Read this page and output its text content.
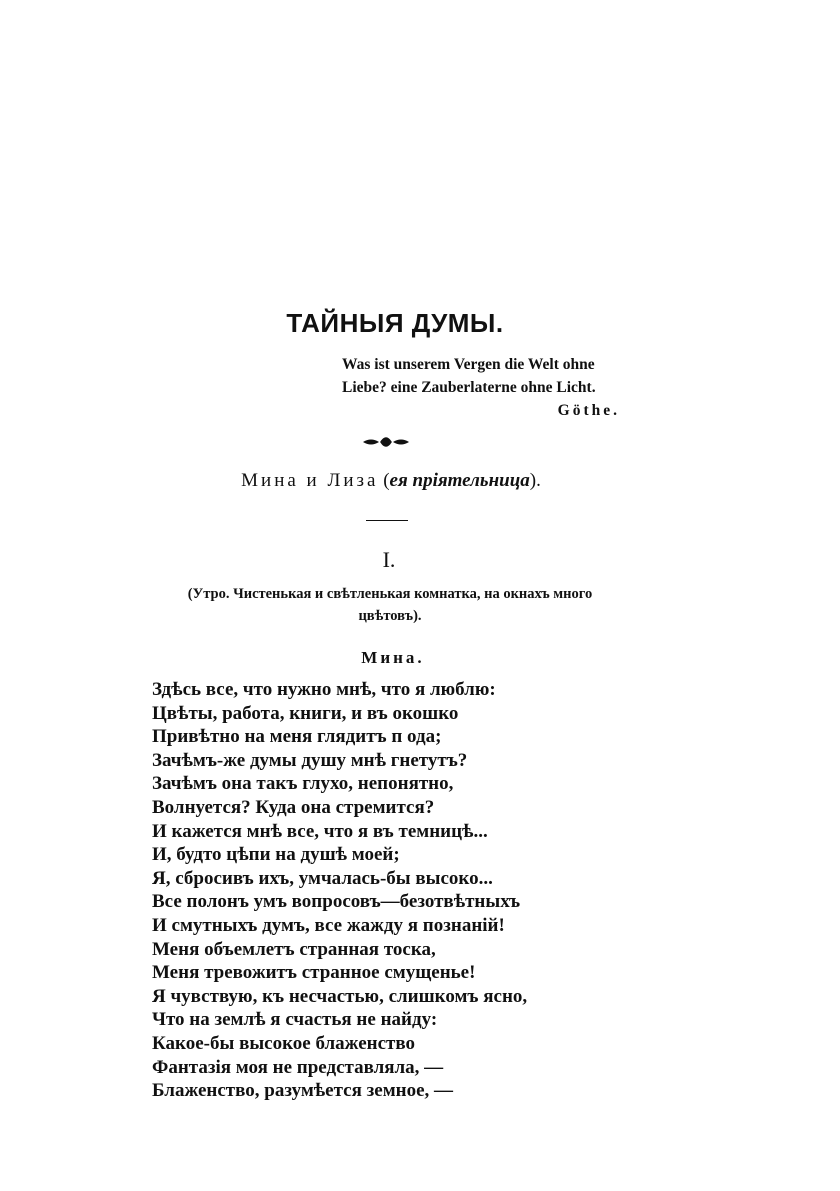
ТАЙНЫЯ ДУМЫ.
Was ist unserem Vergen die Welt ohne
Liebe? eine Zauberlaterne ohne Licht.
Göthe.
Мина и Лиза (ея пріятельница).
I.
(Утро. Чистенькая и свѣтленькая комнатка, на окнахъ много
цвѣтовъ).
Мина.
Здѣсь все, что нужно мнѣ, что я люблю:
Цвѣты, работа, книги, и въ окошко
Привѣтно на меня глядитъ п ода;
Зачѣмъ-же думы душу мнѣ гнетутъ?
Зачѣмъ она такъ глухо, непонятно,
Волнуется? Куда она стремится?
И кажется мнѣ все, что я въ темницѣ...
И, будто цѣпи на душѣ моей;
Я, сбросивъ ихъ, умчалась-бы высоко...
Все полонъ умъ вопросовъ—безотвѣтныхъ
И смутныхъ думъ, все жажду я познаній!
Меня объемлетъ странная тоска,
Меня тревожитъ странное смущенье!
Я чувствую, къ несчастью, слишкомъ ясно,
Что на землѣ я счастья не найду:
Какое-бы высокое блаженство
Фантазія моя не представляла, —
Блаженство, разумѣется земное, —
